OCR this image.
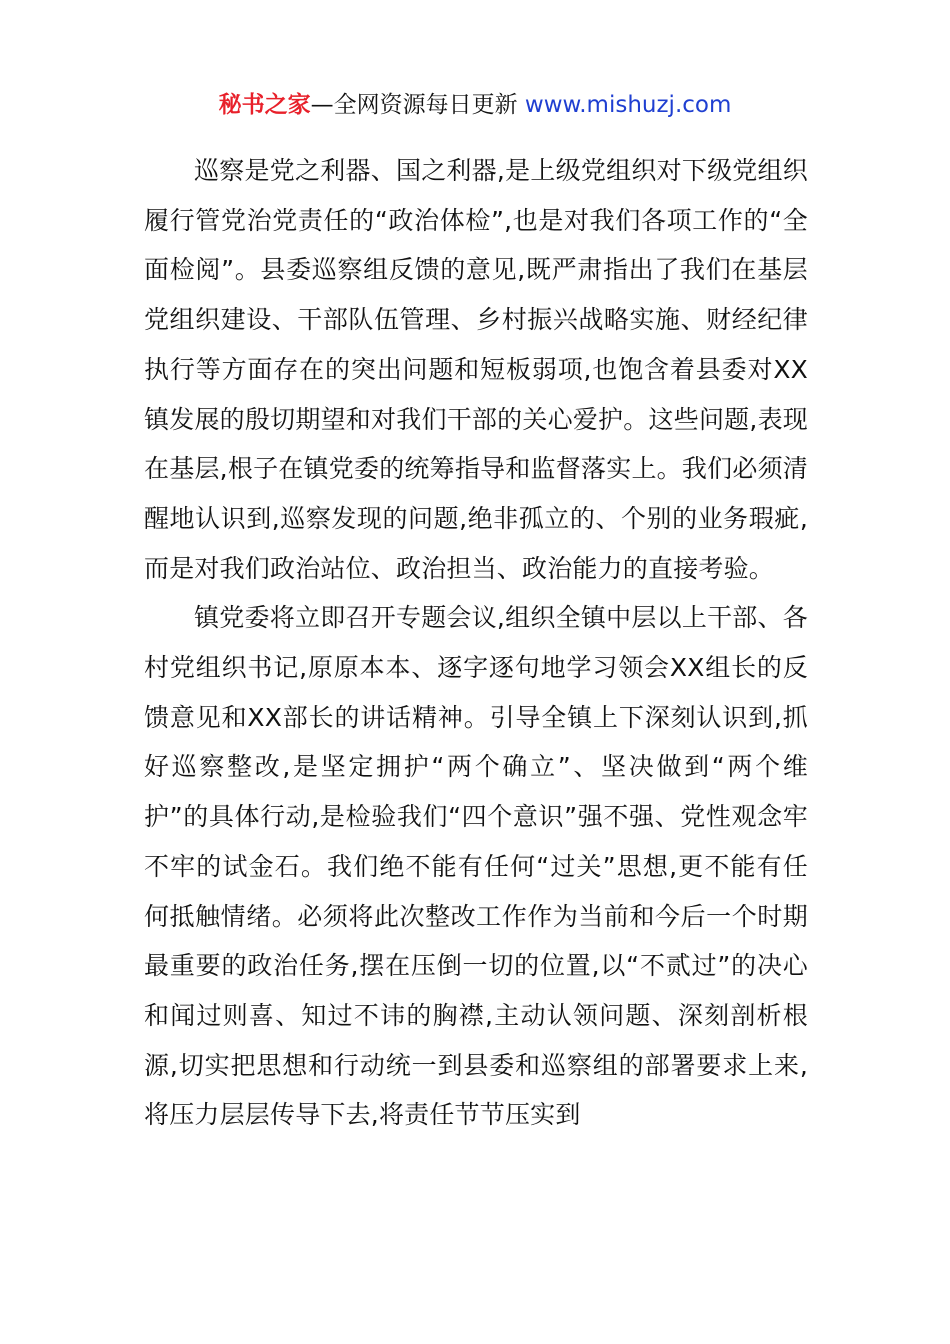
秘书之家—全网资源每日更新 www.mishuzj.com

巡察是党之利器、国之利器,是上级党组织对下级党组织履行管党治党责任的“政治体检”,也是对我们各项工作的“全面检阅”。县委巡察组反馈的意见,既严肃指出了我们在基层党组织建设、干部队伍管理、乡村振兴战略实施、财经纪律执行等方面存在的突出问题和短板弱项,也饱含着县委对XX镇发展的殷切期望和对我们干部的关心爱护。这些问题,表现在基层,根子在镇党委的统筹指导和监督落实上。我们必须清醒地认识到,巡察发现的问题,绝非孤立的、个别的业务瑕疵,而是对我们政治站位、政治担当、政治能力的直接考验。

镇党委将立即召开专题会议,组织全镇中层以上干部、各村党组织书记,原原本本、逐字逐句地学习领会XX组长的反馈意见和XX部长的讲话精神。引导全镇上下深刻认识到,抓好巡察整改,是坚定拥护“两个确立”、坚决做到“两个维护”的具体行动,是检验我们“四个意识”强不强、党性观念牢不牢的试金石。我们绝不能有任何“过关”思想,更不能有任何抵触情绪。必须将此次整改工作作为当前和今后一个时期最重要的政治任务,摆在压倒一切的位置,以“不贰过”的决心和闻过则喜、知过不讳的胸襟,主动认领问题、深刻剖析根源,切实把思想和行动统一到县委和巡察组的部署要求上来,将压力层层传导下去,将责任节节压实到
